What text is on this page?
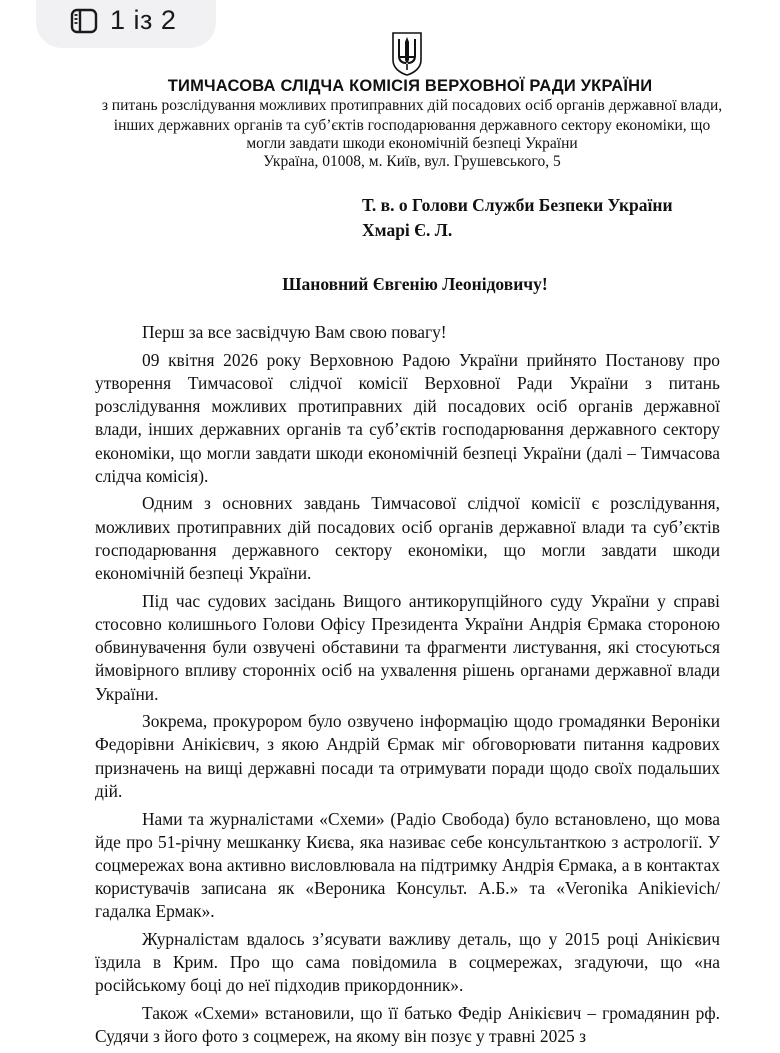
1 із 2
ТИМЧАСОВА СЛІДЧА КОМІСІЯ ВЕРХОВНОЇ РАДИ УКРАЇНИ
з питань розслідування можливих протиправних дій посадових осіб органів державної влади,
інших державних органів та суб’єктів господарювання державного сектору економіки, що
могли завдати шкоди економічній безпеці України
Україна, 01008, м. Київ, вул. Грушевського, 5
Т. в. о Голови Служби Безпеки України
Хмарі Є. Л.
Шановний Євгенію Леонідовичу!

Перш за все засвідчую Вам свою повагу!

09 квітня 2026 року Верховною Радою України прийнято Постанову про утворення Тимчасової слідчої комісії Верховної Ради України з питань розслідування можливих протиправних дій посадових осіб органів державної влади, інших державних органів та суб’єктів господарювання державного сектору економіки, що могли завдати шкоди економічній безпеці України (далі – Тимчасова слідча комісія).

Одним з основних завдань Тимчасової слідчої комісії є розслідування, можливих протиправних дій посадових осіб органів державної влади та суб’єктів господарювання державного сектору економіки, що могли завдати шкоди економічній безпеці України.

Під час судових засідань Вищого антикорупційного суду України у справі стосовно колишнього Голови Офісу Президента України Андрія Єрмака стороною обвинувачення були озвучені обставини та фрагменти листування, які стосуються ймовірного впливу сторонніх осіб на ухвалення рішень органами державної влади України.

Зокрема, прокурором було озвучено інформацію щодо громадянки Вероніки Федорівни Анікієвич, з якою Андрій Єрмак міг обговорювати питання кадрових призначень на вищі державні посади та отримувати поради щодо своїх подальших дій.

Нами та журналістами «Схеми» (Радіо Свобода) було встановлено, що мова йде про 51-річну мешканку Києва, яка називає себе консультанткою з астрології. У соцмережах вона активно висловлювала на підтримку Андрія Єрмака, а в контактах користувачів записана як «Вероника Консульт. А.Б.» та «Veronika Anikievich/гадалка Ермак».

Журналістам вдалось з’ясувати важливу деталь, що у 2015 році Анікієвич їздила в Крим. Про що сама повідомила в соцмережах, згадуючи, що «на російському боці до неї підходив прикордонник».

Також «Схеми» встановили, що її батько Федір Анікієвич – громадянин рф. Судячи з його фото з соцмереж, на якому він позує у травні 2025 з
